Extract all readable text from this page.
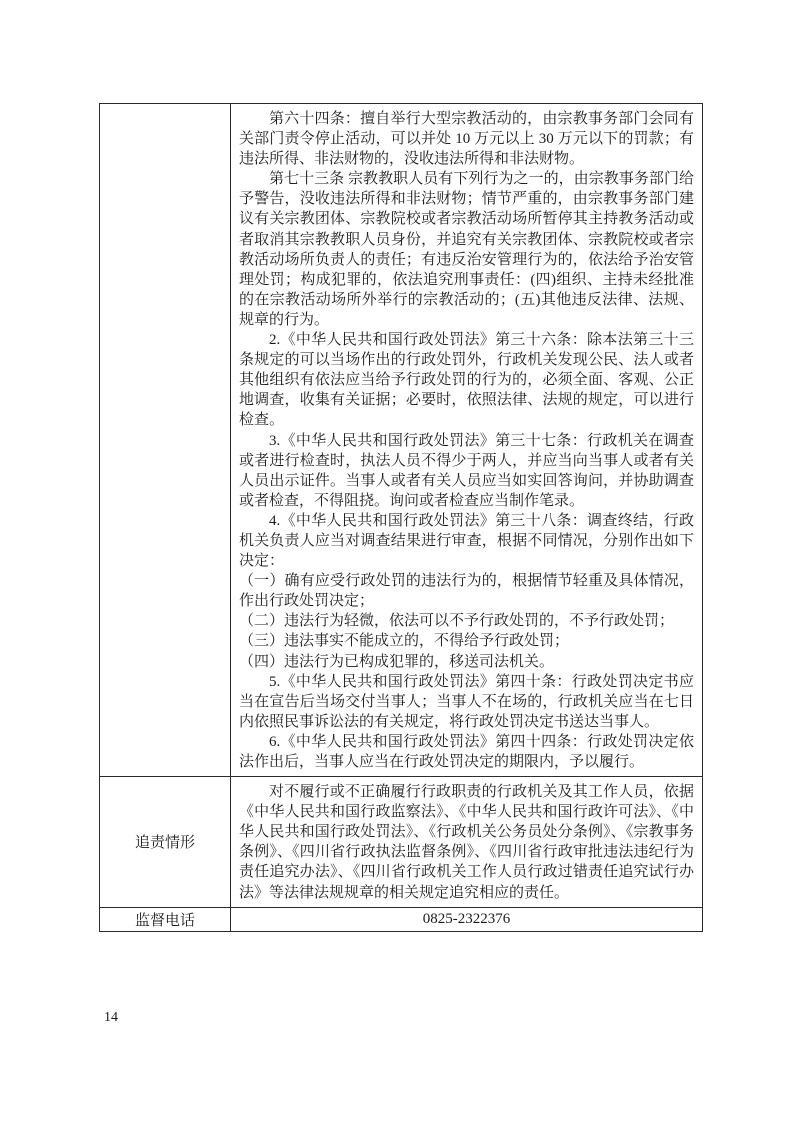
第六十四条：擅自举行大型宗教活动的，由宗教事务部门会同有关部门责令停止活动，可以并处 10 万元以上 30 万元以下的罚款；有违法所得、非法财物的，没收违法所得和非法财物。

第七十三条 宗教教职人员有下列行为之一的，由宗教事务部门给予警告，没收违法所得和非法财物；情节严重的，由宗教事务部门建议有关宗教团体、宗教院校或者宗教活动场所暂停其主持教务活动或者取消其宗教教职人员身份，并追究有关宗教团体、宗教院校或者宗教活动场所负责人的责任；有违反治安管理行为的，依法给予治安管理处罚；构成犯罪的，依法追究刑事责任：(四)组织、主持未经批准的在宗教活动场所外举行的宗教活动的；(五)其他违反法律、法规、规章的行为。

2.《中华人民共和国行政处罚法》第三十六条：除本法第三十三条规定的可以当场作出的行政处罚外，行政机关发现公民、法人或者其他组织有依法应当给予行政处罚的行为的，必须全面、客观、公正地调查，收集有关证据；必要时，依照法律、法规的规定，可以进行检查。

3.《中华人民共和国行政处罚法》第三十七条：行政机关在调查或者进行检查时，执法人员不得少于两人，并应当向当事人或者有关人员出示证件。当事人或者有关人员应当如实回答询问，并协助调查或者检查，不得阻挠。询问或者检查应当制作笔录。

4.《中华人民共和国行政处罚法》第三十八条：调查终结，行政机关负责人应当对调查结果进行审查，根据不同情况，分别作出如下决定：

（一）确有应受行政处罚的违法行为的，根据情节轻重及具体情况，作出行政处罚决定；

（二）违法行为轻微，依法可以不予行政处罚的，不予行政处罚；

（三）违法事实不能成立的，不得给予行政处罚；

（四）违法行为已构成犯罪的，移送司法机关。

5.《中华人民共和国行政处罚法》第四十条：行政处罚决定书应当在宣告后当场交付当事人；当事人不在场的，行政机关应当在七日内依照民事诉讼法的有关规定，将行政处罚决定书送达当事人。

6.《中华人民共和国行政处罚法》第四十四条：行政处罚决定依法作出后，当事人应当在行政处罚决定的期限内，予以履行。

追责情形	对不履行或不正确履行行政职责的行政机关及其工作人员，依据《中华人民共和国行政监察法》、《中华人民共和国行政许可法》、《中华人民共和国行政处罚法》、《行政机关公务员处分条例》、《宗教事务条例》、《四川省行政执法监督条例》、《四川省行政审批违法违纪行为责任追究办法》、《四川省行政机关工作人员行政过错责任追究试行办法》等法律法规规章的相关规定追究相应的责任。

监督电话	0825-2322376
14
